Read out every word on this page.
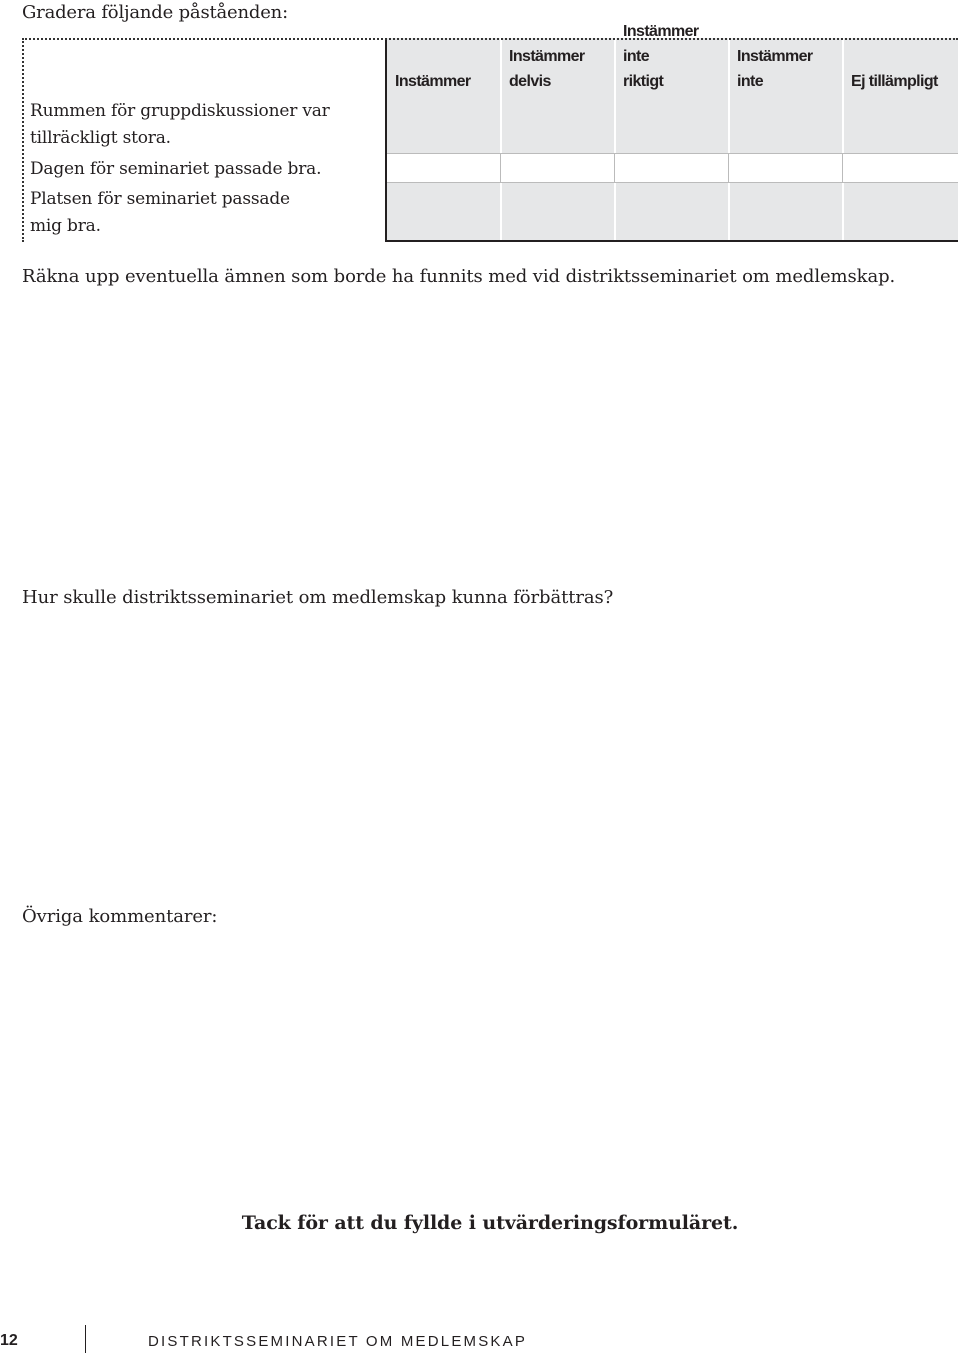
Gradera följande påståenden:
Instämmer
Instämmer
delvis
Instämmer inte
riktigt
Instämmer inte	Ej tillämpligt
Rummen för gruppdiskussioner var
tillräckligt stora.
Dagen för seminariet passade bra.
Platsen för seminariet passade
mig bra.
Räkna upp eventuella ämnen som borde ha funnits med vid distriktsseminariet om medlemskap.
Hur skulle distriktsseminariet om medlemskap kunna förbättras?
Övriga kommentarer:
Tack för att du fyllde i utvärderingsformuläret.
12	DISTRIKTSSEMINARIET OM MEDLEMSKAP
